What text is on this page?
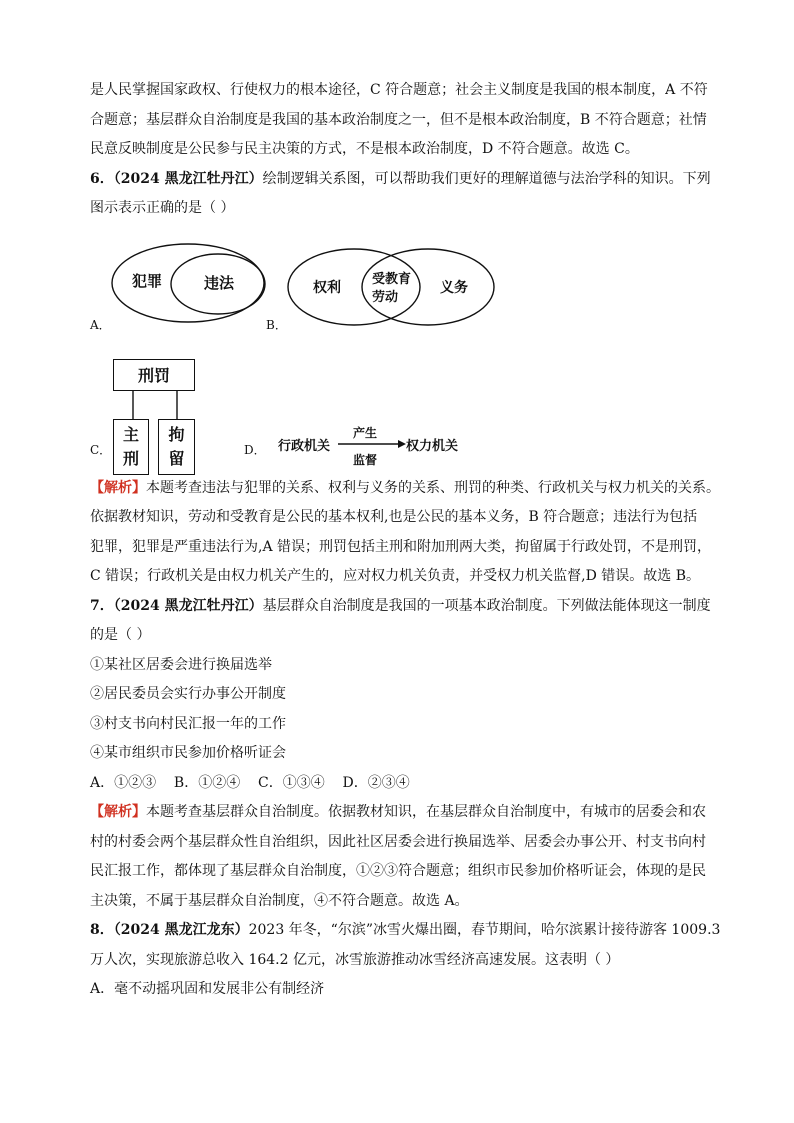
是人民掌握国家政权、行使权力的根本途径，C 符合题意；社会主义制度是我国的根本制度，A 不符

合题意；基层群众自治制度是我国的基本政治制度之一，但不是根本政治制度，B 不符合题意；社情

民意反映制度是公民参与民主决策的方式，不是根本政治制度，D 不符合题意。故选 C。

6．（2024 黑龙江牡丹江）绘制逻辑关系图，可以帮助我们更好的理解道德与法治学科的知识。下列

图示表示正确的是（ ）

犯罪	违法	权利
受教育
劳动
义务
刑罚
主
刑
拘
留
行政机关
产生
监督
权力机关

【解析】本题考查违法与犯罪的关系、权利与义务的关系、刑罚的种类、行政机关与权力机关的关系。

依据教材知识，劳动和受教育是公民的基本权利,也是公民的基本义务，B 符合题意；违法行为包括

犯罪，犯罪是严重违法行为,A 错误；刑罚包括主刑和附加刑两大类，拘留属于行政处罚，不是刑罚，

C 错误；行政机关是由权力机关产生的，应对权力机关负责，并受权力机关监督,D 错误。故选 B。

7．（2024 黑龙江牡丹江）基层群众自治制度是我国的一项基本政治制度。下列做法能体现这一制度

的是（ ）

①某社区居委会进行换届选举

②居民委员会实行办事公开制度

③村支书向村民汇报一年的工作

④某市组织市民参加价格听证会

A．①②③    B．①②④    C．①③④    D．②③④

【解析】本题考查基层群众自治制度。依据教材知识，在基层群众自治制度中，有城市的居委会和农

村的村委会两个基层群众性自治组织，因此社区居委会进行换届选举、居委会办事公开、村支书向村

民汇报工作，都体现了基层群众自治制度，①②③符合题意；组织市民参加价格听证会，体现的是民

主决策，不属于基层群众自治制度，④不符合题意。故选 A。

8．（2024 黑龙江龙东）2023 年冬，“尔滨”冰雪火爆出圈，春节期间，哈尔滨累计接待游客 1009.3

万人次，实现旅游总收入 164.2 亿元，冰雪旅游推动冰雪经济高速发展。这表明（ ）

A．毫不动摇巩固和发展非公有制经济

A．	B．
C．	D．
